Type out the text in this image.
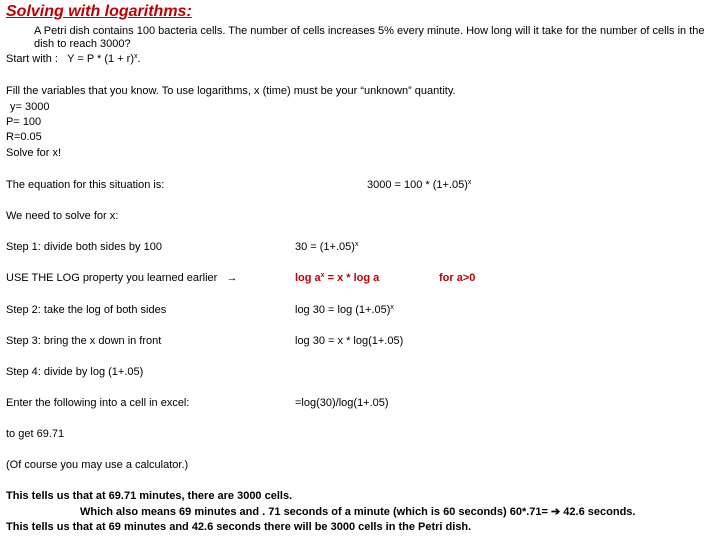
Solving with logarithms:
A Petri dish contains 100 bacteria cells. The number of cells increases 5% every minute. How long will it take for the number of cells in the dish to reach 3000?
Start with : $Y = P * (1 + r)^x$.
Fill the variables that you know. To use logarithms, x (time) must be your “unknown” quantity.
y= 3000
P= 100
R=0.05
Solve for x!
The equation for this situation is:	$3000 = 100 * (1+.05)^x$
We need to solve for x:
Step 1: divide both sides by 100	$30 = (1+.05)^x$
USE THE LOG property you learned earlier →	$\log a^x = x * \log a$	for a>0
Step 2: take the log of both sides	$\log 30 = \log (1+.05)^x$
Step 3: bring the x down in front	log 30 = x * log(1+.05)
Step 4: divide by log (1+.05)
Enter the following into a cell in excel:	=log(30)/log(1+.05)
to get 69.71
(Of course you may use a calculator.)
This tells us that at 69.71 minutes, there are 3000 cells.
Which also means 69 minutes and . 71 seconds of a minute (which is 60 seconds) 60*.71= ➔ 42.6 seconds.
This tells us that at 69 minutes and 42.6 seconds there will be 3000 cells in the Petri dish.
